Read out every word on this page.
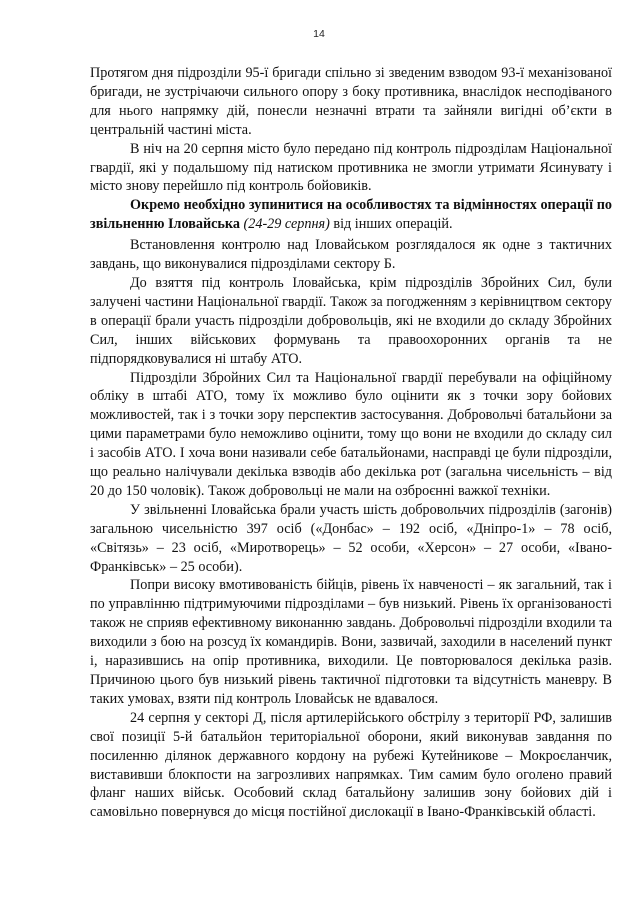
14

Протягом дня підрозділи 95-ї бригади спільно зі зведеним взводом 93-ї механізованої бригади, не зустрічаючи сильного опору з боку противника, внаслідок несподіваного для нього напрямку дій, понесли незначні втрати та зайняли вигідні об’єкти в центральній частині міста.

В ніч на 20 серпня місто було передано під контроль підрозділам Національної гвардії, які у подальшому під натиском противника не змогли утримати Ясинувату і місто знову перейшло під контроль бойовиків.

Окремо необхідно зупинитися на особливостях та відмінностях операції по звільненню Іловайська (24-29 серпня) від інших операцій.

Встановлення контролю над Іловайськом розглядалося як одне з тактичних завдань, що виконувалися підрозділами сектору Б.

До взяття під контроль Іловайська, крім підрозділів Збройних Сил, були залучені частини Національної гвардії. Також за погодженням з керівництвом сектору в операції брали участь підрозділи добровольців, які не входили до складу Збройних Сил, інших військових формувань та правоохоронних органів та не підпорядковувалися ні штабу АТО.

Підрозділи Збройних Сил та Національної гвардії перебували на офіційному обліку в штабі АТО, тому їх можливо було оцінити як з точки зору бойових можливостей, так і з точки зору перспектив застосування. Добровольчі батальйони за цими параметрами було неможливо оцінити, тому що вони не входили до складу сил і засобів АТО. І хоча вони називали себе батальйонами, насправді це були підрозділи, що реально налічували декілька взводів або декілька рот (загальна чисельність – від 20 до 150 чоловік). Також добровольці не мали на озброєнні важкої техніки.

У звільненні Іловайська брали участь шість добровольчих підрозділів (загонів) загальною чисельністю 397 осіб («Донбас» – 192 осіб, «Дніпро-1» – 78 осіб, «Світязь» – 23 осіб, «Миротворець» – 52 особи, «Херсон» – 27 особи, «Івано-Франківськ» – 25 особи).

Попри високу вмотивованість бійців, рівень їх навченості – як загальний, так і по управлінню підтримуючими підрозділами – був низький. Рівень їх організованості також не сприяв ефективному виконанню завдань. Добровольчі підрозділи входили та виходили з бою на розсуд їх командирів. Вони, зазвичай, заходили в населений пункт і, наразившись на опір противника, виходили. Це повторювалося декілька разів. Причиною цього був низький рівень тактичної підготовки та відсутність маневру. В таких умовах, взяти під контроль Іловайськ не вдавалося.

24 серпня у секторі Д, після артилерійського обстрілу з території РФ, залишив свої позиції 5-й батальйон територіальної оборони, який виконував завдання по посиленню ділянок державного кордону на рубежі Кутейникове – Мокроєланчик, виставивши блокпости на загрозливих напрямках. Тим самим було оголено правий фланг наших військ. Особовий склад батальйону залишив зону бойових дій і самовільно повернувся до місця постійної дислокації в Івано-Франківській області.
